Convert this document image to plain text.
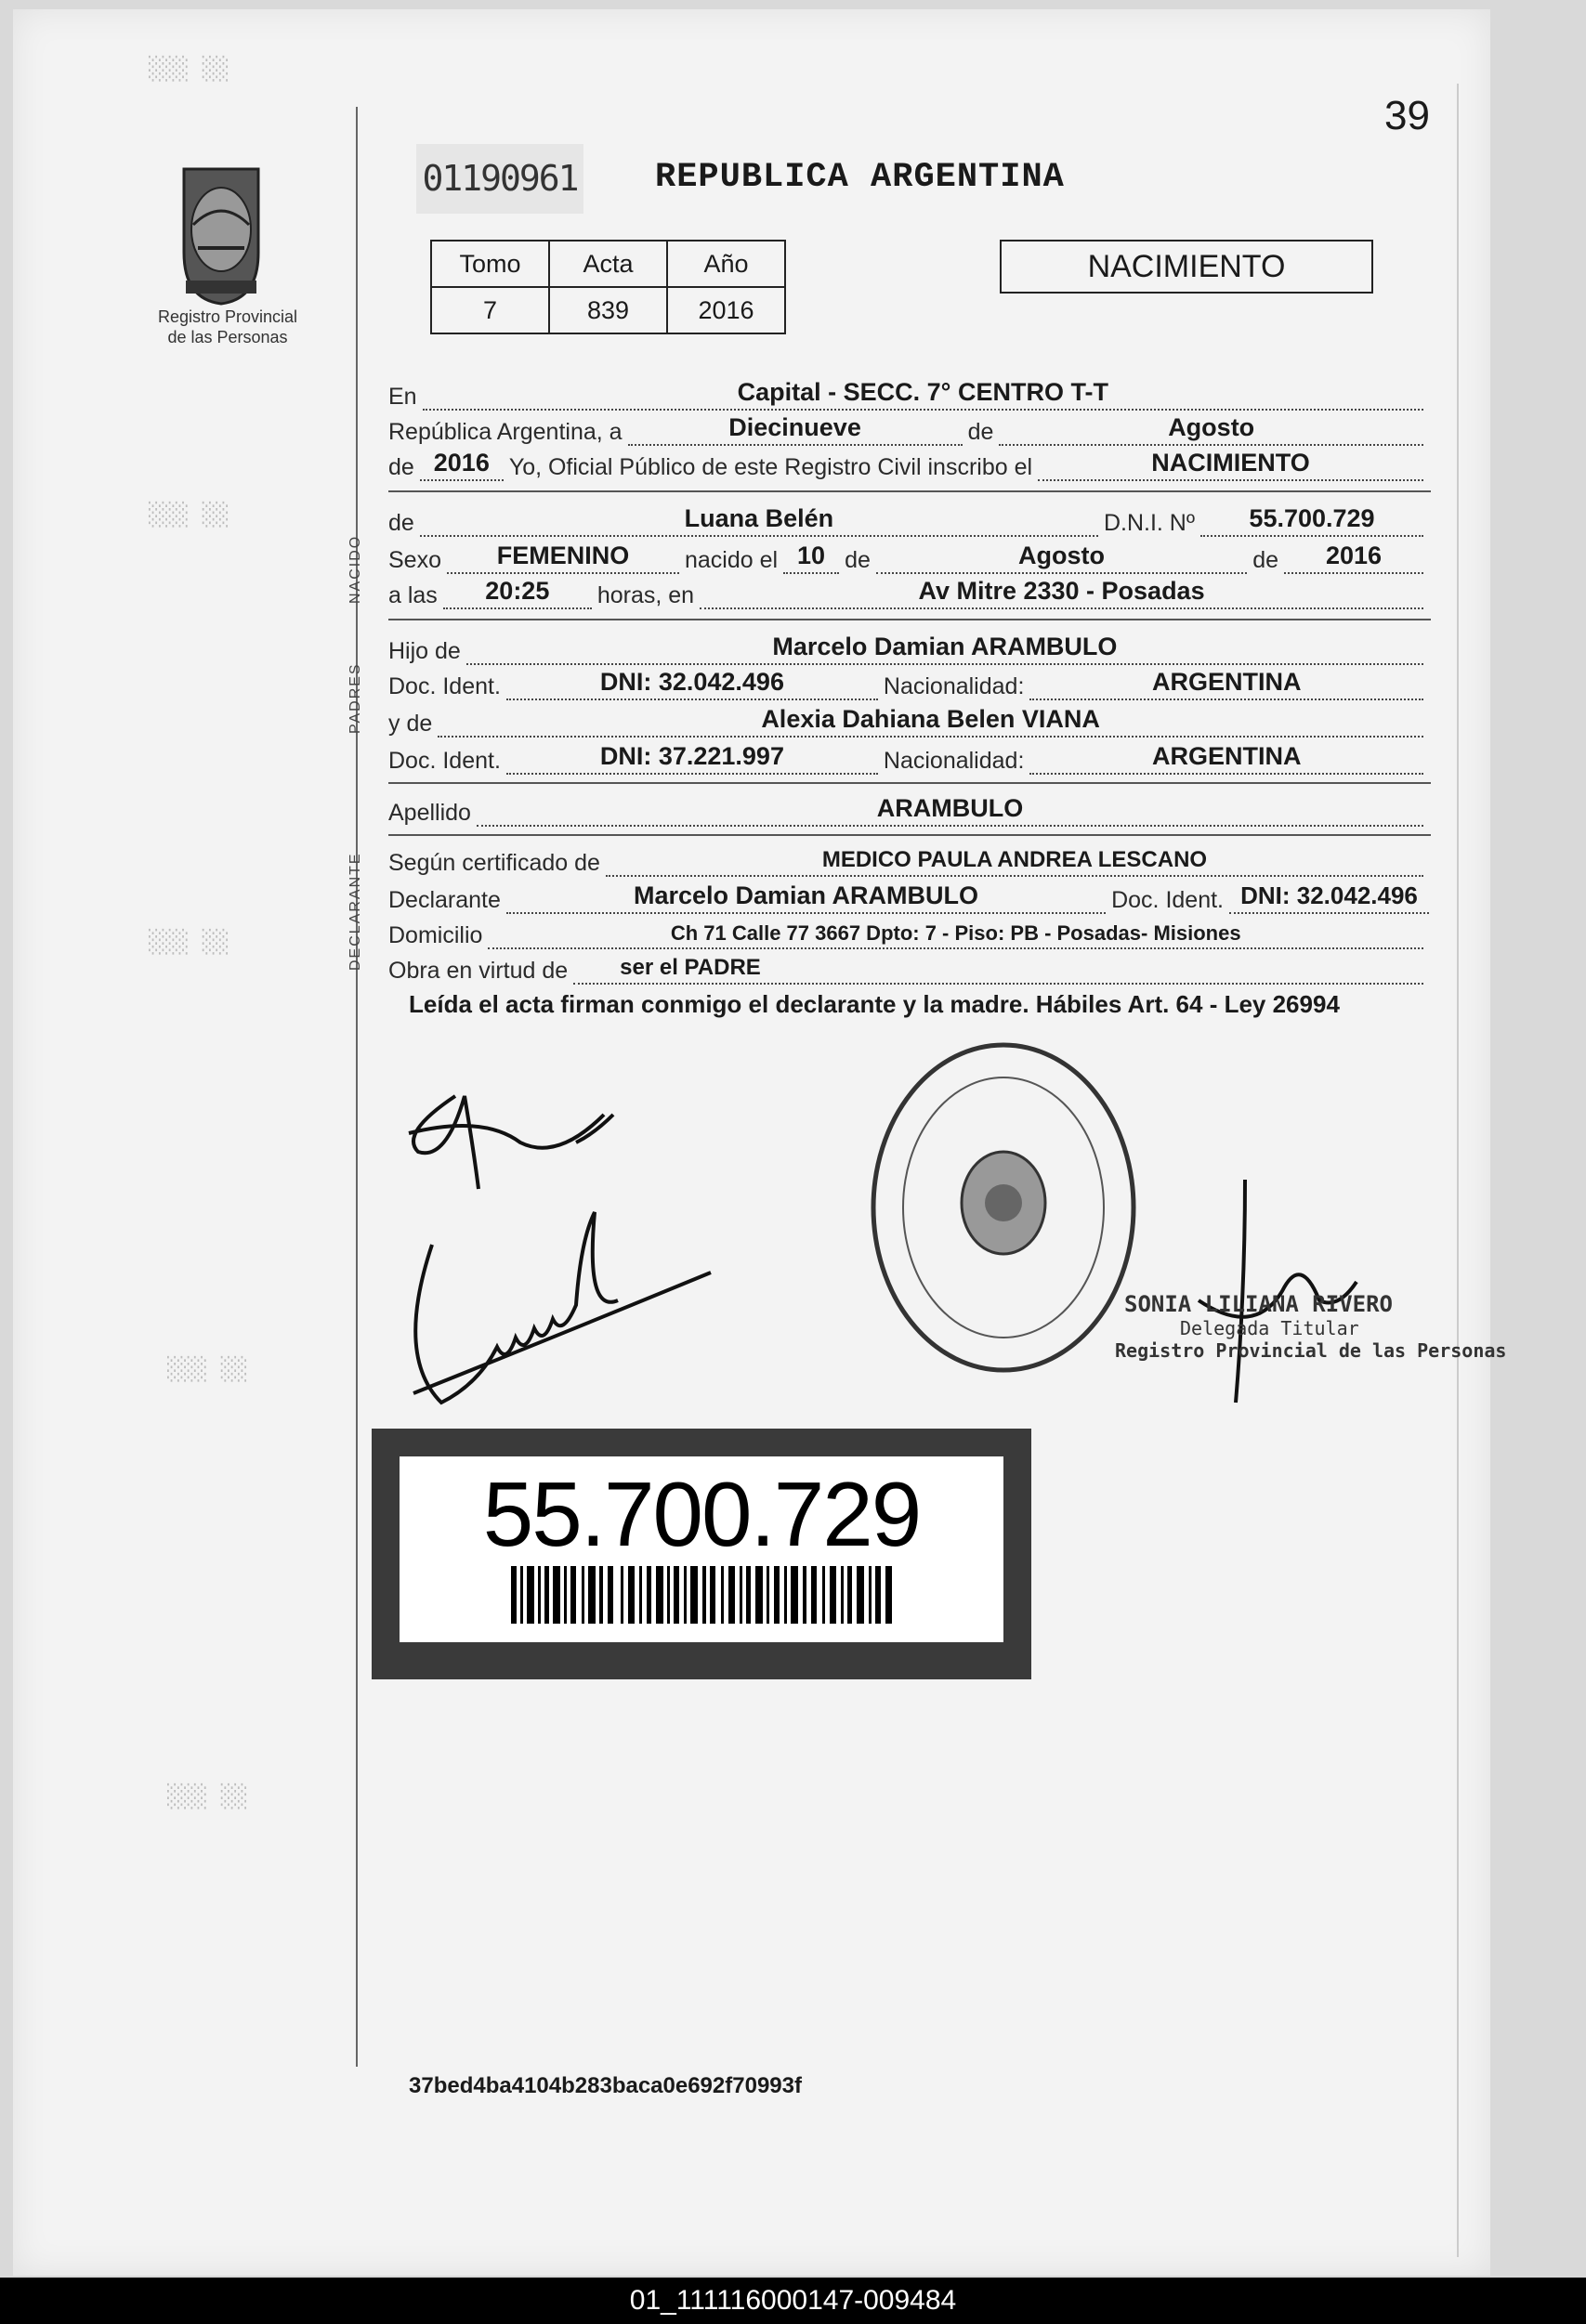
░░░ ░░
░░░ ░░
░░░ ░░
░░░ ░░
░░░ ░░
39
Registro Provincial
de las Personas
01190961 REPUBLICA ARGENTINA
Tomo	Acta	Año
7	839	2016
NACIMIENTO
En	Capital - SECC. 7° CENTRO T-T
República Argentina, a	Diecinueve	de	Agosto
de 2016 Yo, Oficial Público de este Registro Civil inscribo el	NACIMIENTO
NACIDO
de	Luana Belén	D.N.I. Nº	55.700.729
Sexo	FEMENINO	nacido el 10 de	Agosto	de	2016
a las	20:25	horas, en	Av Mitre 2330 - Posadas
PADRES
Hijo de	Marcelo Damian ARAMBULO
Doc. Ident.	DNI: 32.042.496	Nacionalidad:	ARGENTINA
y de	Alexia Dahiana Belen VIANA
Doc. Ident.	DNI: 37.221.997	Nacionalidad:	ARGENTINA
Apellido	ARAMBULO
DECLARANTE Según certificado de	MEDICO PAULA ANDREA LESCANO
Declarante	Marcelo Damian ARAMBULO	Doc. Ident. DNI: 32.042.496
Domicilio	Ch 71 Calle 77 3667 Dpto: 7 - Piso: PB - Posadas- Misiones
Obra en virtud de	ser el PADRE
Leída el acta firman conmigo el declarante y la madre. Hábiles Art. 64 - Ley 26994
SONIA LILIANA RIVERO
Delegada Titular
Registro Provincial de las Personas
55.700.729
37bed4ba4104b283baca0e692f70993f
01_111116000147-009484
